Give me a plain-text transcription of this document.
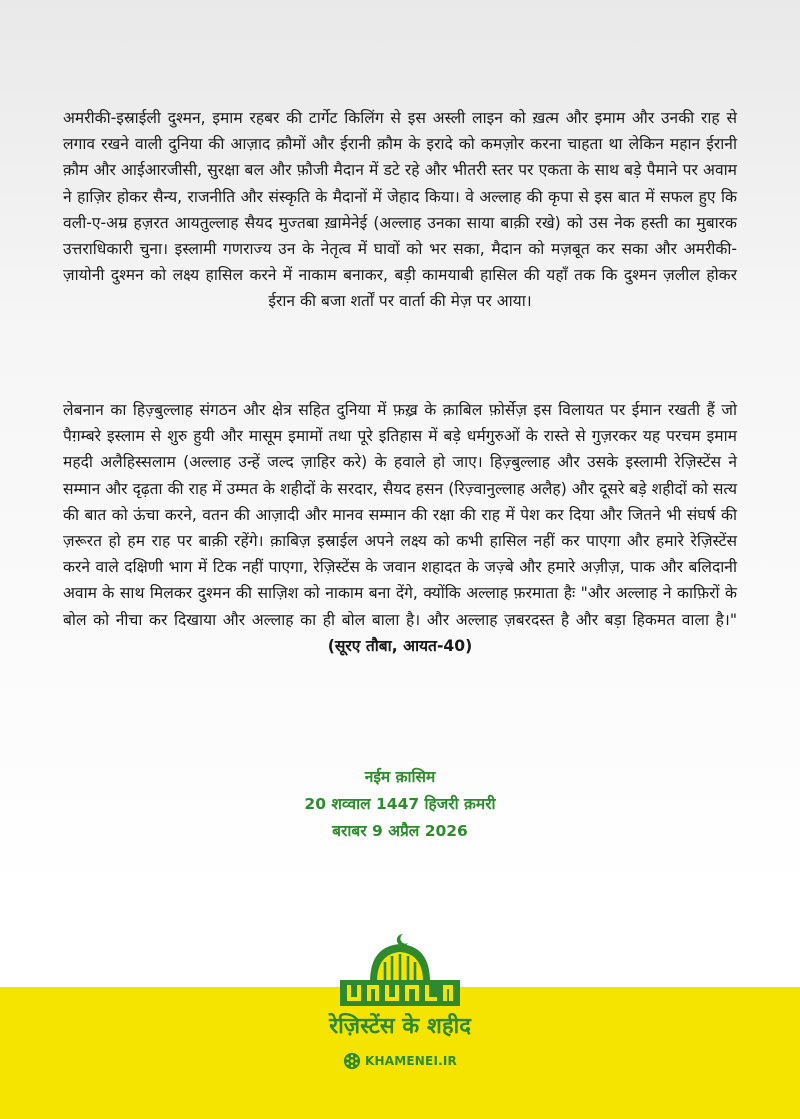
अमरीकी-इस्राईली दुश्मन, इमाम रहबर की टार्गेट किलिंग से इस अस्ली लाइन को ख़त्म और इमाम और उनकी राह से लगाव रखने वाली दुनिया की आज़ाद क़ौमों और ईरानी क़ौम के इरादे को कमज़ोर करना चाहता था लेकिन महान ईरानी क़ौम और आईआरजीसी, सुरक्षा बल और फ़ौजी मैदान में डटे रहे और भीतरी स्तर पर एकता के साथ बड़े पैमाने पर अवाम ने हाज़िर होकर सैन्य, राजनीति और संस्कृति के मैदानों में जेहाद किया। वे अल्लाह की कृपा से इस बात में सफल हुए कि वली-ए-अम्र हज़रत आयतुल्लाह सैयद मुज्तबा ख़ामेनेई (अल्लाह उनका साया बाक़ी रखे) को उस नेक हस्ती का मुबारक उत्तराधिकारी चुना। इस्लामी गणराज्य उन के नेतृत्व में घावों को भर सका, मैदान को मज़बूत कर सका और अमरीकी-ज़ायोनी दुश्मन को लक्ष्य हासिल करने में नाकाम बनाकर, बड़ी कामयाबी हासिल की यहाँ तक कि दुश्मन ज़लील होकर ईरान की बजा शर्तों पर वार्ता की मेज़ पर आया।

लेबनान का हिज़्बुल्लाह संगठन और क्षेत्र सहित दुनिया में फ़ख़्र के क़ाबिल फ़ोर्सेज़ इस विलायत पर ईमान रखती हैं जो पैग़म्बरे इस्लाम से शुरु हुयी और मासूम इमामों तथा पूरे इतिहास में बड़े धर्मगुरुओं के रास्ते से गुज़रकर यह परचम इमाम महदी अलैहिस्सलाम (अल्लाह उन्हें जल्द ज़ाहिर करे) के हवाले हो जाए। हिज़्बुल्लाह और उसके इस्लामी रेज़िस्टेंस ने सम्मान और दृढ़ता की राह में उम्मत के शहीदों के सरदार, सैयद हसन (रिज़्वानुल्लाह अलैह) और दूसरे बड़े शहीदों को सत्य की बात को ऊंचा करने, वतन की आज़ादी और मानव सम्मान की रक्षा की राह में पेश कर दिया और जितने भी संघर्ष की ज़रूरत हो हम राह पर बाक़ी रहेंगे। क़ाबिज़ इस्राईल अपने लक्ष्य को कभी हासिल नहीं कर पाएगा और हमारे रेज़िस्टेंस करने वाले दक्षिणी भाग में टिक नहीं पाएगा, रेज़िस्टेंस के जवान शहादत के जज़्बे और हमारे अज़ीज़, पाक और बलिदानी अवाम के साथ मिलकर दुश्मन की साज़िश को नाकाम बना देंगे, क्योंकि अल्लाह फ़रमाता हैः "और अल्लाह ने काफ़िरों के बोल को नीचा कर दिखाया और अल्लाह का ही बोल बाला है। और अल्लाह ज़बरदस्त है और बड़ा हिकमत वाला है।" (सूरए तौबा, आयत-40)

नईम क़ासिम
20 शव्वाल 1447 हिजरी क़मरी
बराबर 9 अप्रैल 2026
रेज़िस्टेंस के शहीद
KHAMENEI.IR
